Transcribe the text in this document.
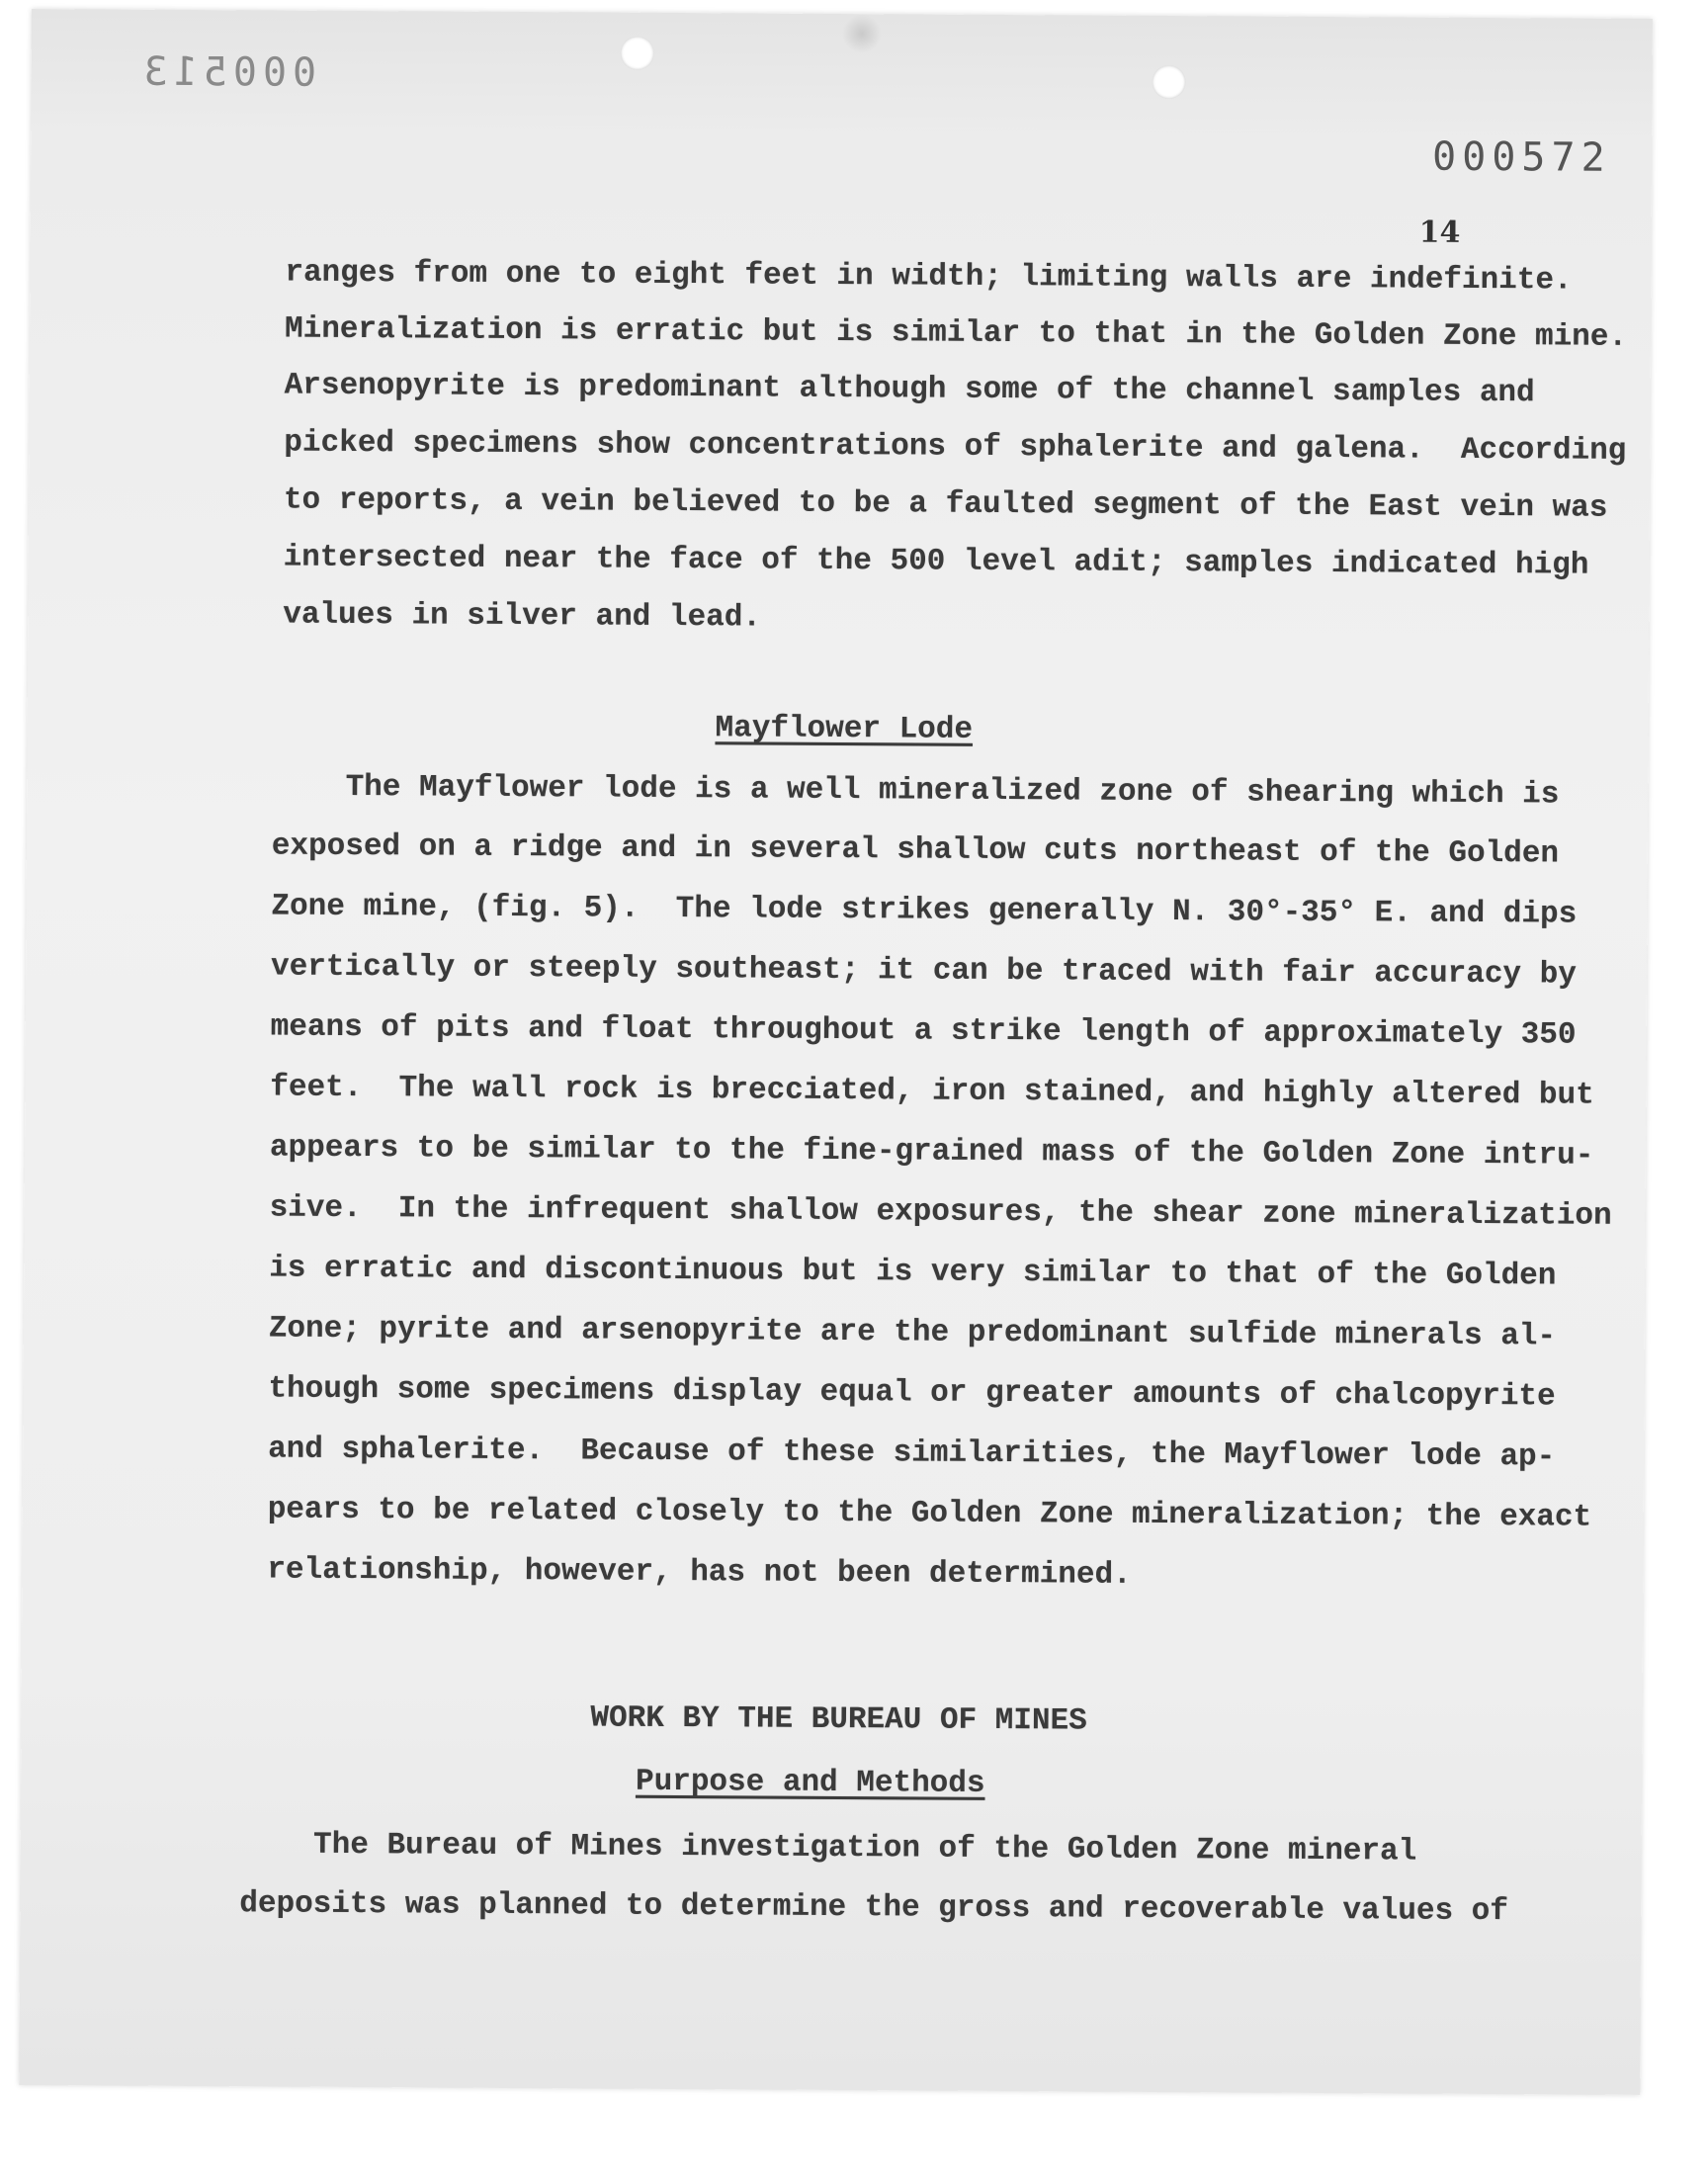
000513
000572
14

ranges from one to eight feet in width; limiting walls are indefinite.

Mineralization is erratic but is similar to that in the Golden Zone mine.

Arsenopyrite is predominant although some of the channel samples and

picked specimens show concentrations of sphalerite and galena.  According

to reports, a vein believed to be a faulted segment of the East vein was

intersected near the face of the 500 level adit; samples indicated high

values in silver and lead.

Mayflower Lode

The Mayflower lode is a well mineralized zone of shearing which is

exposed on a ridge and in several shallow cuts northeast of the Golden

Zone mine, (fig. 5).  The lode strikes generally N. 30°-35° E. and dips

vertically or steeply southeast; it can be traced with fair accuracy by

means of pits and float throughout a strike length of approximately 350

feet.  The wall rock is brecciated, iron stained, and highly altered but

appears to be similar to the fine-grained mass of the Golden Zone intru-

sive.  In the infrequent shallow exposures, the shear zone mineralization

is erratic and discontinuous but is very similar to that of the Golden

Zone; pyrite and arsenopyrite are the predominant sulfide minerals al-

though some specimens display equal or greater amounts of chalcopyrite

and sphalerite.  Because of these similarities, the Mayflower lode ap-

pears to be related closely to the Golden Zone mineralization; the exact

relationship, however, has not been determined.

WORK BY THE BUREAU OF MINES
Purpose and Methods

The Bureau of Mines investigation of the Golden Zone mineral

deposits was planned to determine the gross and recoverable values of
